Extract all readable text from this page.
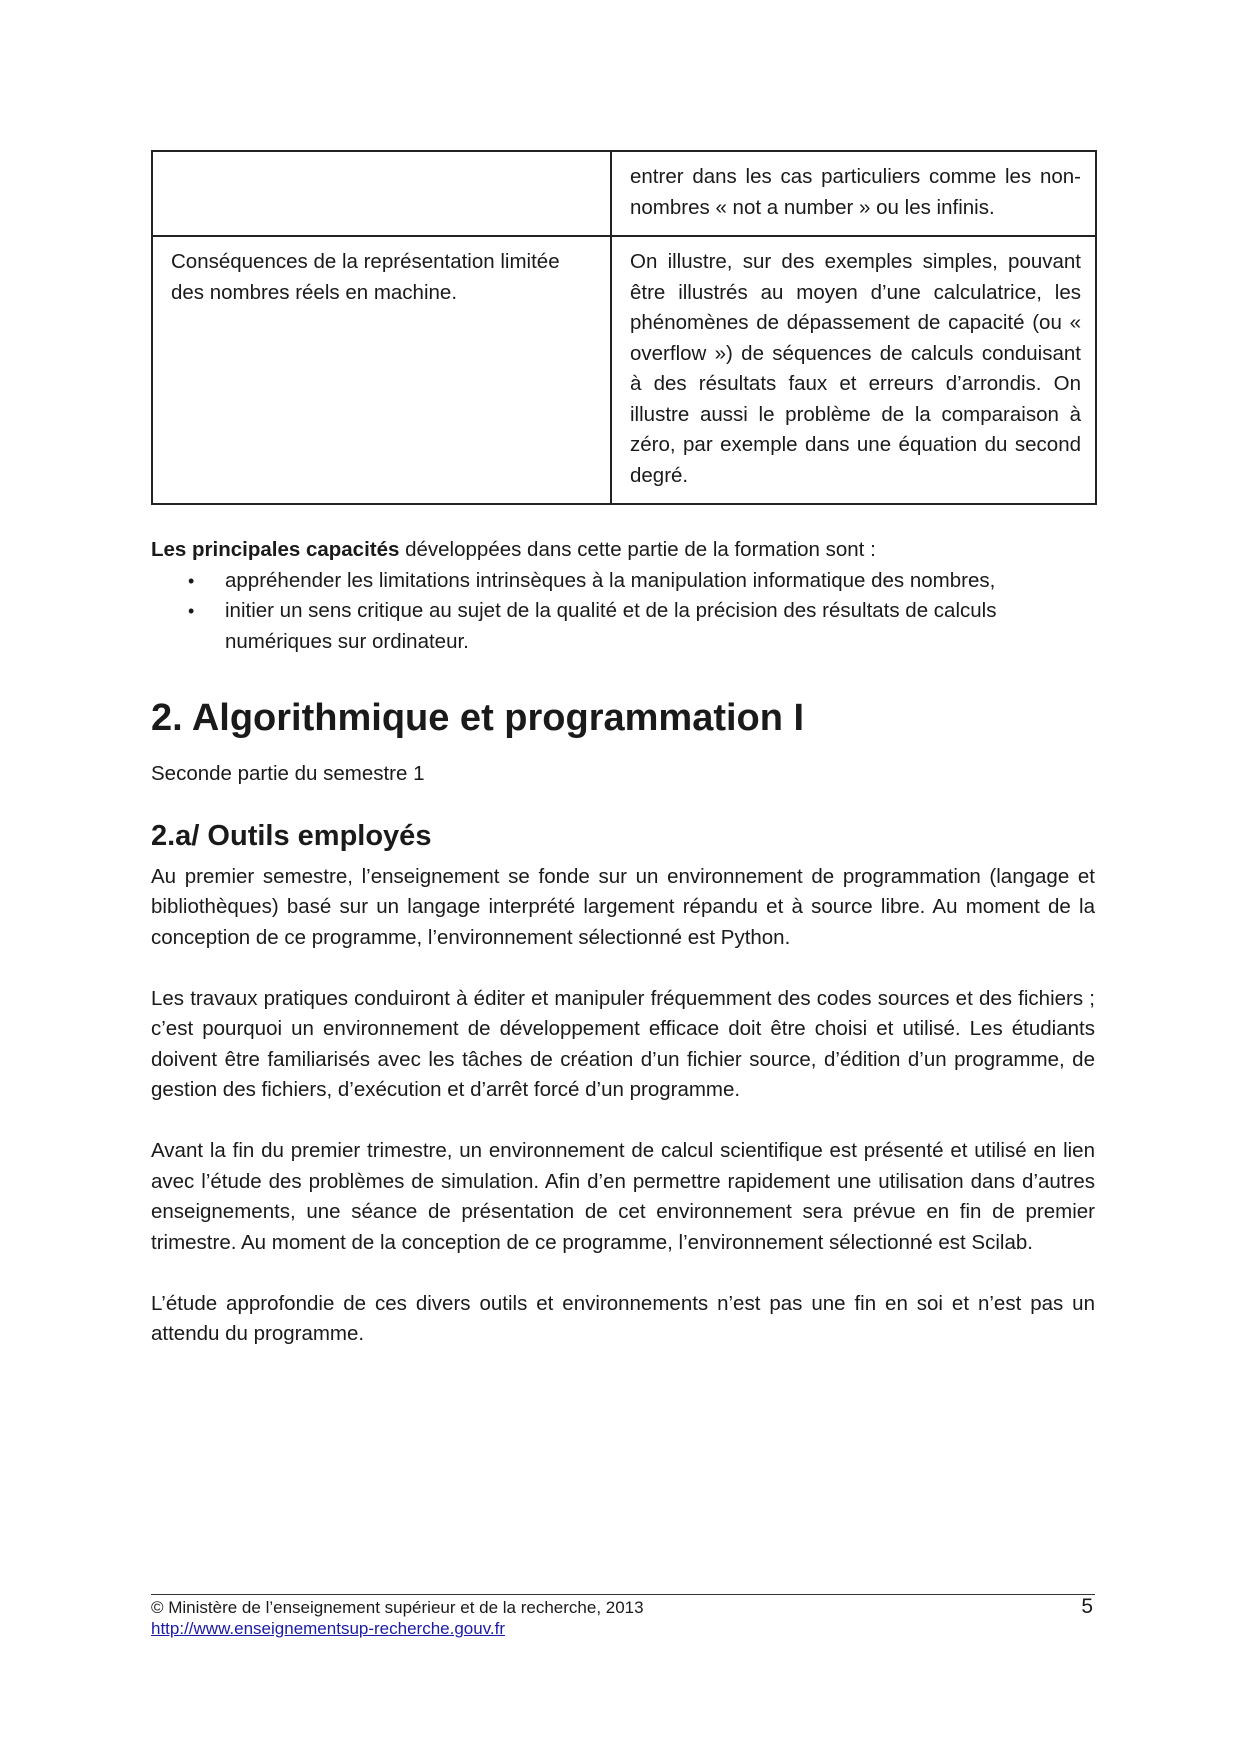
	entrer dans les cas particuliers comme les non-nombres « not a number » ou les infinis.
Conséquences de la représentation limitée des nombres réels en machine.	On illustre, sur des exemples simples, pouvant être illustrés au moyen d’une calculatrice, les phénomènes de dépassement de capacité (ou « overflow ») de séquences de calculs conduisant à des résultats faux et erreurs d’arrondis. On illustre aussi le problème de la comparaison à zéro, par exemple dans une équation du second degré.
Les principales capacités développées dans cette partie de la formation sont :
• appréhender les limitations intrinsèques à la manipulation informatique des nombres,
• initier un sens critique au sujet de la qualité et de la précision des résultats de calculs numériques sur ordinateur.
2. Algorithmique et programmation I
Seconde partie du semestre 1
2.a/ Outils employés

Au premier semestre, l’enseignement se fonde sur un environnement de programmation (langage et bibliothèques) basé sur un langage interprété largement répandu et à source libre. Au moment de la conception de ce programme, l’environnement sélectionné est Python.

Les travaux pratiques conduiront à éditer et manipuler fréquemment des codes sources et des fichiers ; c’est pourquoi un environnement de développement efficace doit être choisi et utilisé. Les étudiants doivent être familiarisés avec les tâches de création d’un fichier source, d’édition d’un programme, de gestion des fichiers, d’exécution et d’arrêt forcé d’un programme.

Avant la fin du premier trimestre, un environnement de calcul scientifique est présenté et utilisé en lien avec l’étude des problèmes de simulation. Afin d’en permettre rapidement une utilisation dans d’autres enseignements, une séance de présentation de cet environnement sera prévue en fin de premier trimestre. Au moment de la conception de ce programme, l’environnement sélectionné est Scilab.

L’étude approfondie de ces divers outils et environnements n’est pas une fin en soi et n’est pas un attendu du programme.

© Ministère de l’enseignement supérieur et de la recherche, 2013
http://www.enseignementsup-recherche.gouv.fr
5
